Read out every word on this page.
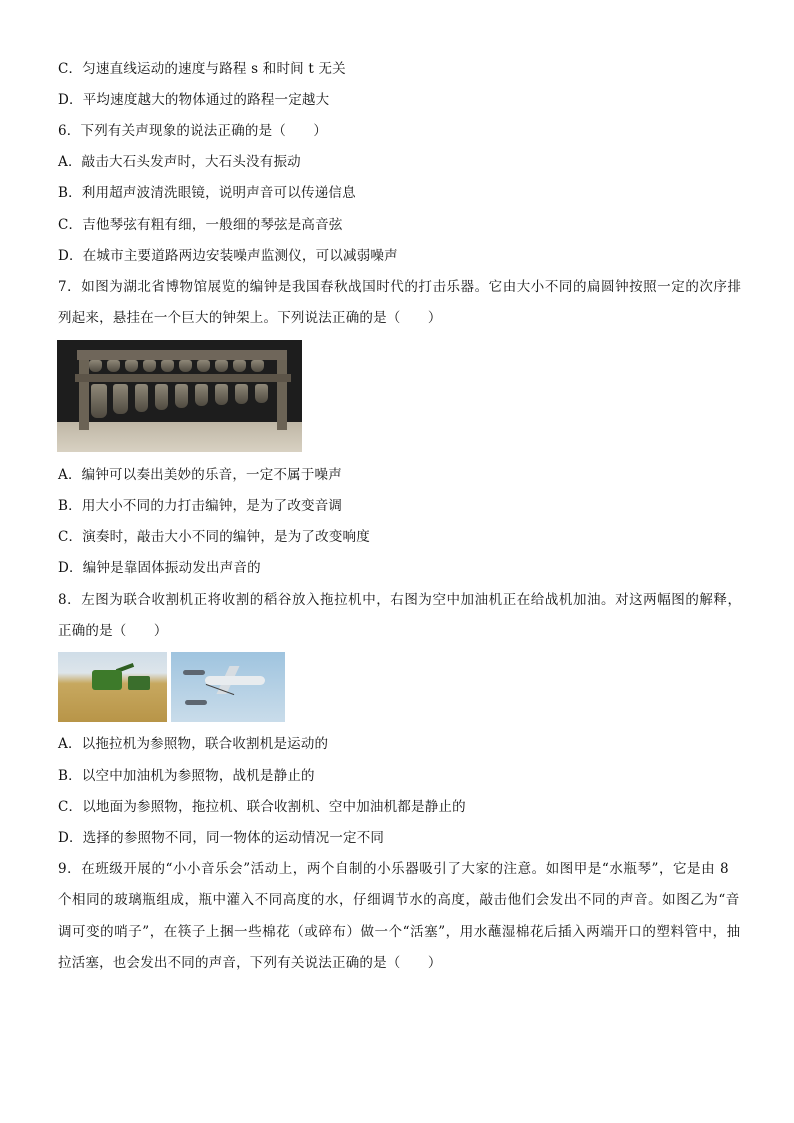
C．匀速直线运动的速度与路程 s 和时间 t 无关
D．平均速度越大的物体通过的路程一定越大
6．下列有关声现象的说法正确的是（　　）
A．敲击大石头发声时，大石头没有振动
B．利用超声波清洗眼镜，说明声音可以传递信息
C．吉他琴弦有粗有细，一般细的琴弦是高音弦
D．在城市主要道路两边安装噪声监测仪，可以减弱噪声
7．如图为湖北省博物馆展览的编钟是我国春秋战国时代的打击乐器。它由大小不同的扁圆钟按照一定的次序排
列起来，悬挂在一个巨大的钟架上。下列说法正确的是（　　）
A．编钟可以奏出美妙的乐音，一定不属于噪声
B．用大小不同的力打击编钟，是为了改变音调
C．演奏时，敲击大小不同的编钟，是为了改变响度
D．编钟是靠固体振动发出声音的
8．左图为联合收割机正将收割的稻谷放入拖拉机中，右图为空中加油机正在给战机加油。对这两幅图的解释，
正确的是（　　）
A．以拖拉机为参照物，联合收割机是运动的
B．以空中加油机为参照物，战机是静止的
C．以地面为参照物，拖拉机、联合收割机、空中加油机都是静止的
D．选择的参照物不同，同一物体的运动情况一定不同
9．在班级开展的“小小音乐会”活动上，两个自制的小乐器吸引了大家的注意。如图甲是“水瓶琴”，它是由 8
个相同的玻璃瓶组成，瓶中灌入不同高度的水，仔细调节水的高度，敲击他们会发出不同的声音。如图乙为“音
调可变的哨子”，在筷子上捆一些棉花（或碎布）做一个“活塞”，用水蘸湿棉花后插入两端开口的塑料管中，抽
拉活塞，也会发出不同的声音，下列有关说法正确的是（　　）
